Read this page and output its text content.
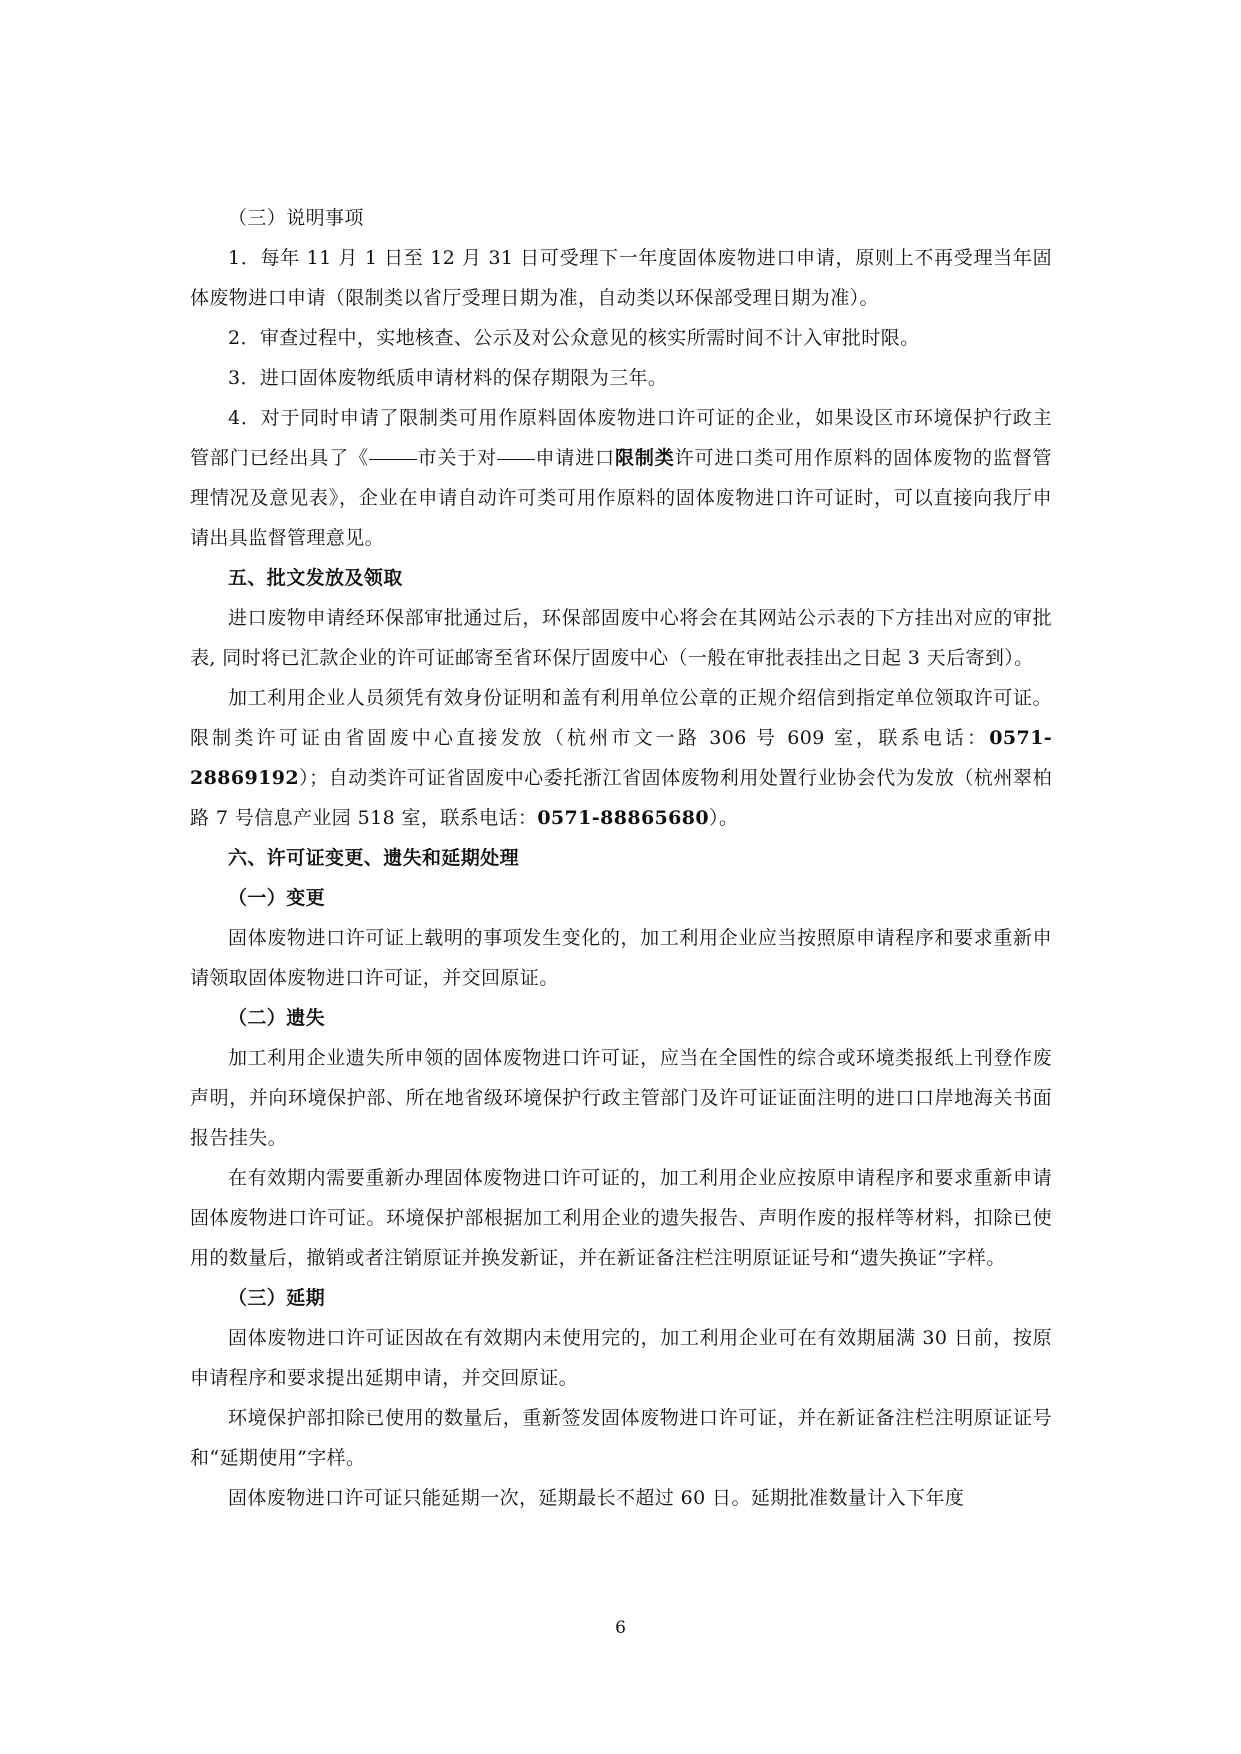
（三）说明事项

1．每年 11 月 1 日至 12 月 31 日可受理下一年度固体废物进口申请，原则上不再受理当年固体废物进口申请（限制类以省厅受理日期为准，自动类以环保部受理日期为准）。

2．审查过程中，实地核查、公示及对公众意见的核实所需时间不计入审批时限。

3．进口固体废物纸质申请材料的保存期限为三年。

4．对于同时申请了限制类可用作原料固体废物进口许可证的企业，如果设区市环境保护行政主管部门已经出具了《	市关于对 申请进口限制类许可进口类可用作原料的固体废物的监督管理情况及意见表》，企业在申请自动许可类可用作原料的固体废物进口许可证时，可以直接向我厅申请出具监督管理意见。

五、批文发放及领取

进口废物申请经环保部审批通过后，环保部固废中心将会在其网站公示表的下方挂出对应的审批表, 同时将已汇款企业的许可证邮寄至省环保厅固废中心（一般在审批表挂出之日起 3 天后寄到）。

加工利用企业人员须凭有效身份证明和盖有利用单位公章的正规介绍信到指定单位领取许可证。限制类许可证由省固废中心直接发放（杭州市文一路 306 号 609 室，联系电话：0571-28869192）；自动类许可证省固废中心委托浙江省固体废物利用处置行业协会代为发放（杭州翠柏路 7 号信息产业园 518 室，联系电话：0571-88865680）。

六、许可证变更、遗失和延期处理

（一）变更

固体废物进口许可证上载明的事项发生变化的，加工利用企业应当按照原申请程序和要求重新申请领取固体废物进口许可证，并交回原证。

（二）遗失

加工利用企业遗失所申领的固体废物进口许可证，应当在全国性的综合或环境类报纸上刊登作废声明，并向环境保护部、所在地省级环境保护行政主管部门及许可证证面注明的进口口岸地海关书面报告挂失。

在有效期内需要重新办理固体废物进口许可证的，加工利用企业应按原申请程序和要求重新申请固体废物进口许可证。环境保护部根据加工利用企业的遗失报告、声明作废的报样等材料，扣除已使用的数量后，撤销或者注销原证并换发新证，并在新证备注栏注明原证证号和“遗失换证”字样。

（三）延期

固体废物进口许可证因故在有效期内未使用完的，加工利用企业可在有效期届满 30 日前，按原申请程序和要求提出延期申请，并交回原证。

环境保护部扣除已使用的数量后，重新签发固体废物进口许可证，并在新证备注栏注明原证证号和“延期使用”字样。

固体废物进口许可证只能延期一次，延期最长不超过 60 日。延期批准数量计入下年度

6
